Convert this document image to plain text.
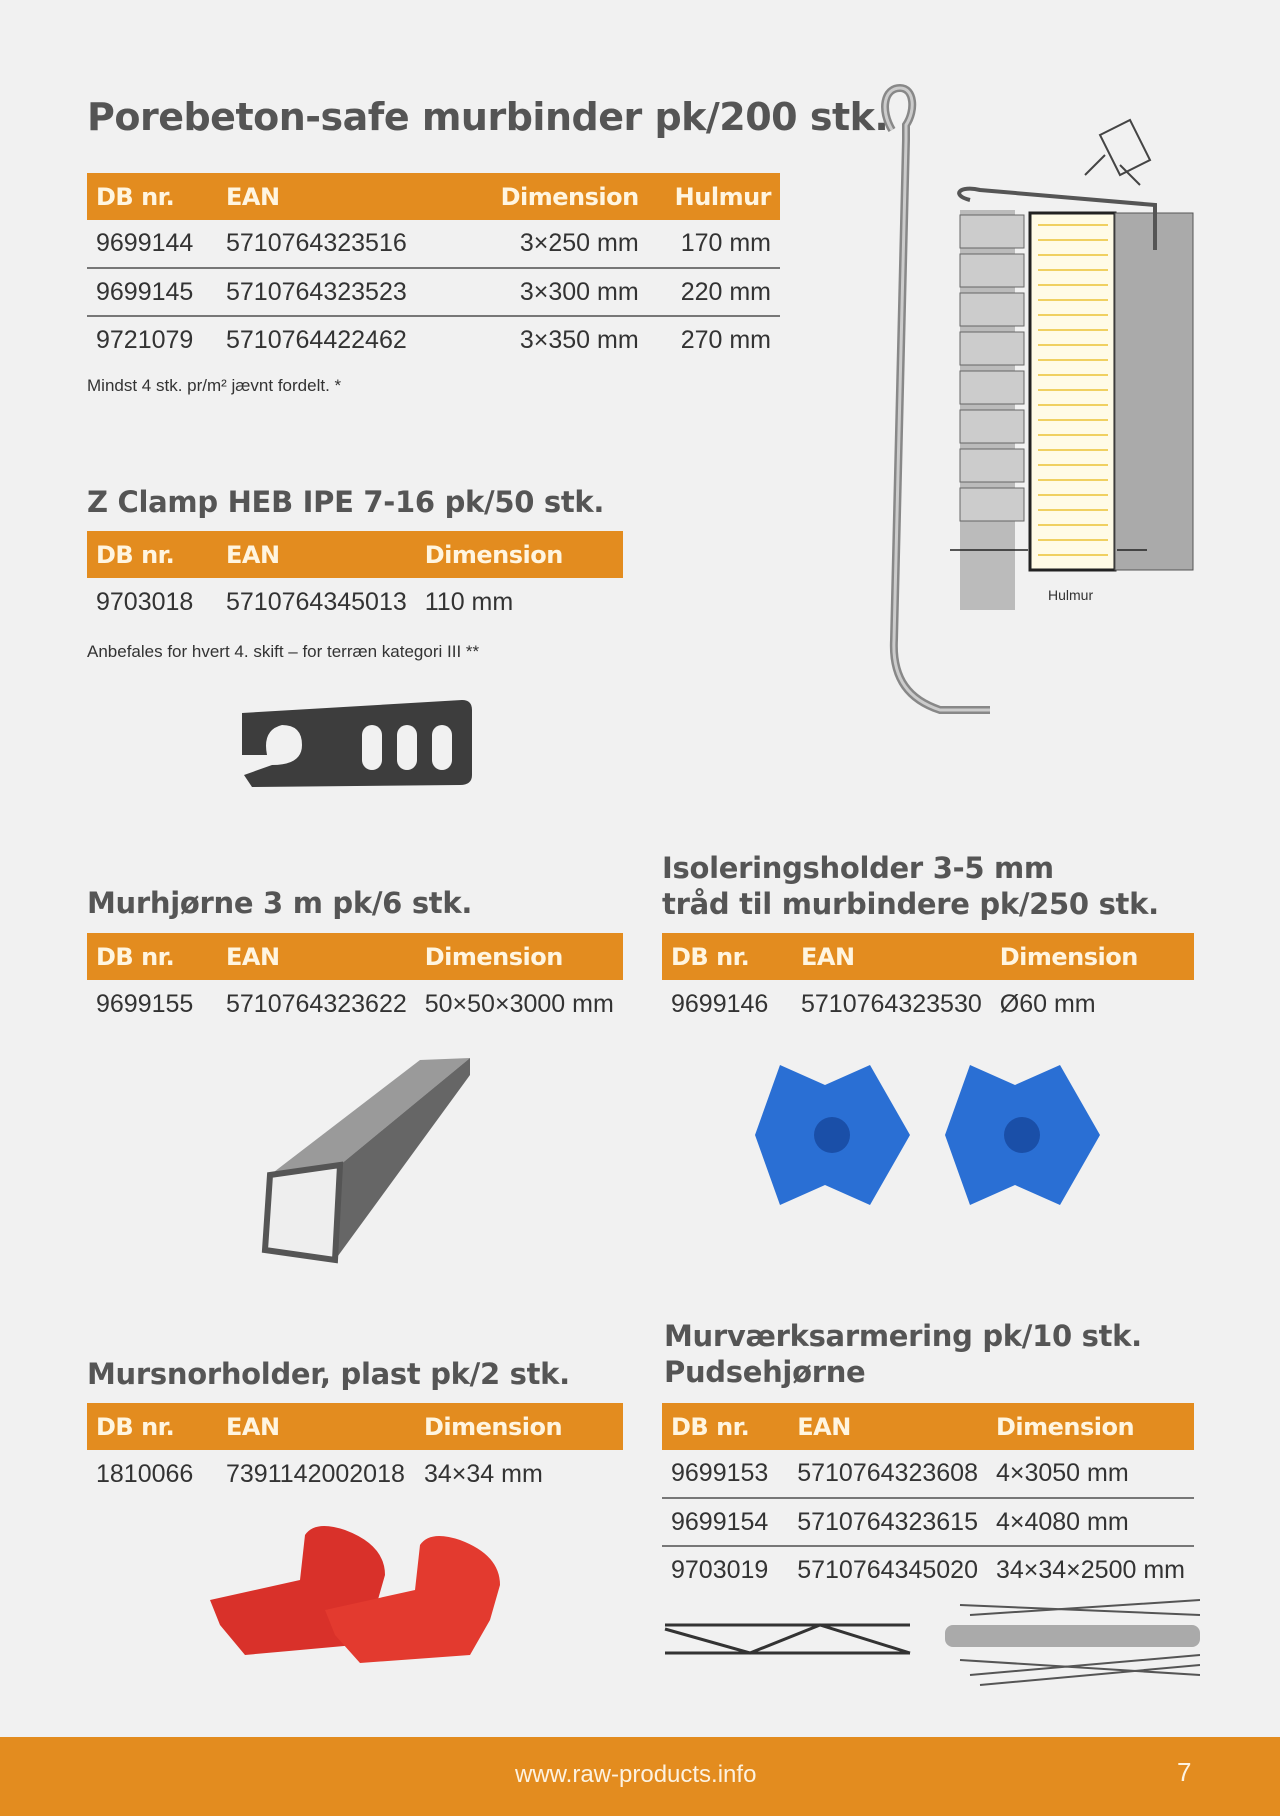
Porebeton-safe murbinder pk/200 stk.
DB nr.	EAN	Dimension	Hulmur
9699144	5710764323516	3×250 mm	170 mm
9699145	5710764323523	3×300 mm	220 mm
9721079	5710764422462	3×350 mm	270 mm
Mindst 4 stk. pr/m² jævnt fordelt. *
Hulmur
Z Clamp HEB IPE 7-16 pk/50 stk.
DB nr.	EAN	Dimension
9703018	5710764345013	110 mm
Anbefales for hvert 4. skift – for terræn kategori III **
Murhjørne 3 m pk/6 stk.
DB nr.	EAN	Dimension
9699155	5710764323622	50×50×3000 mm
Isoleringsholder 3-5 mm
tråd til murbindere pk/250 stk.
DB nr.	EAN	Dimension
9699146	5710764323530	Ø60 mm
Mursnorholder, plast pk/2 stk.
DB nr.	EAN	Dimension
1810066	7391142002018	34×34 mm
Murværksarmering pk/10 stk.
Pudsehjørne
DB nr.	EAN	Dimension
9699153	5710764323608	4×3050 mm
9699154	5710764323615	4×4080 mm
9703019	5710764345020	34×34×2500 mm
www.raw-products.info	7
